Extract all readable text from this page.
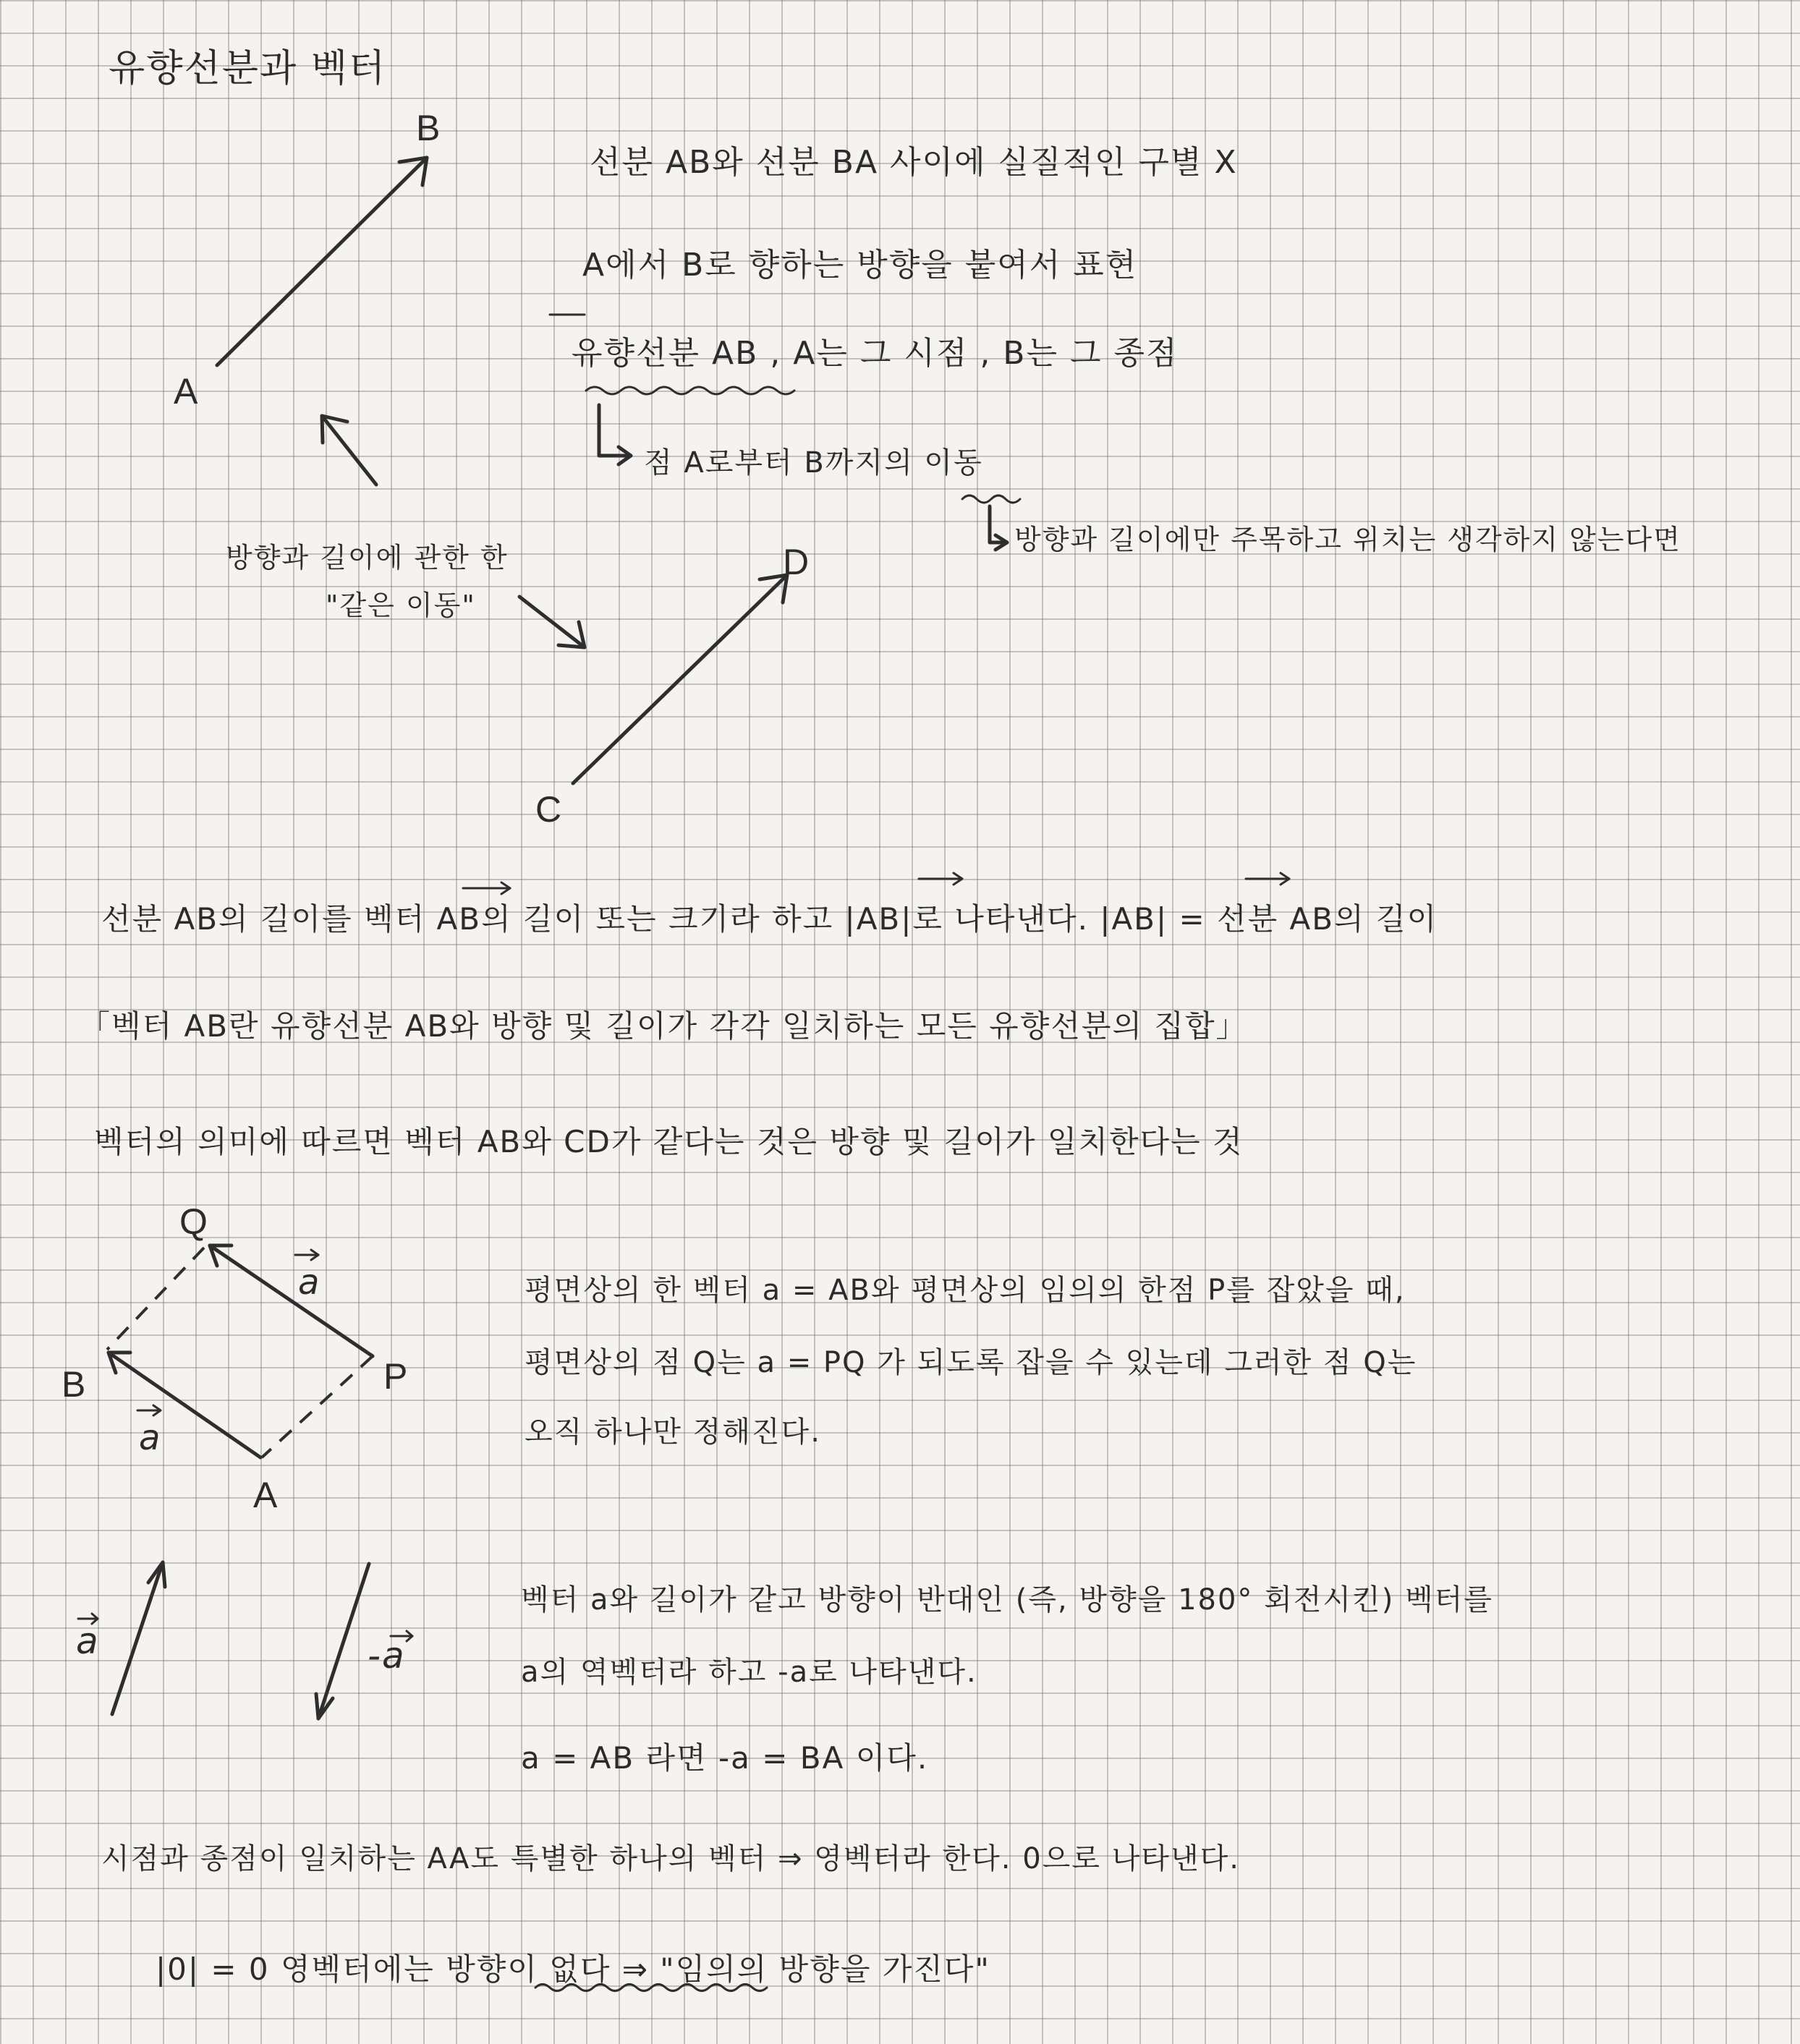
유향선분과 벡터
B
A
D
C
방향과 길이에 관한 한
"같은 이동"
선분 AB와 선분 BA 사이에 실질적인 구별 X
A에서 B로 향하는 방향을 붙여서 표현
유향선분 AB , A는 그 시점 , B는 그 종점
점 A로부터 B까지의 이동
방향과 길이에만 주목하고 위치는 생각하지 않는다면
선분 AB의 길이를 벡터 AB의 길이 또는 크기라 하고 |AB|로 나타낸다. |AB| = 선분 AB의 길이
「벡터 AB란 유향선분 AB와 방향 및 길이가 각각 일치하는 모든 유향선분의 집합」
벡터의 의미에 따르면 벡터 AB와 CD가 같다는 것은 방향 및 길이가 일치한다는 것
Q
P
B
A
a
a
평면상의 한 벡터 a = AB와 평면상의 임의의 한점 P를 잡았을 때,
평면상의 점 Q는 a = PQ 가 되도록 잡을 수 있는데 그러한 점 Q는
오직 하나만 정해진다.
a	-a
벡터 a와 길이가 같고 방향이 반대인 (즉, 방향을 180° 회전시킨) 벡터를
a의 역벡터라 하고 -a로 나타낸다.
a = AB 라면 -a = BA 이다.
시점과 종점이 일치하는 AA도 특별한 하나의 벡터 ⇒ 영벡터라 한다. 0으로 나타낸다.
|0| = 0 영벡터에는 방향이 없다 ⇒ "임의의 방향을 가진다"
